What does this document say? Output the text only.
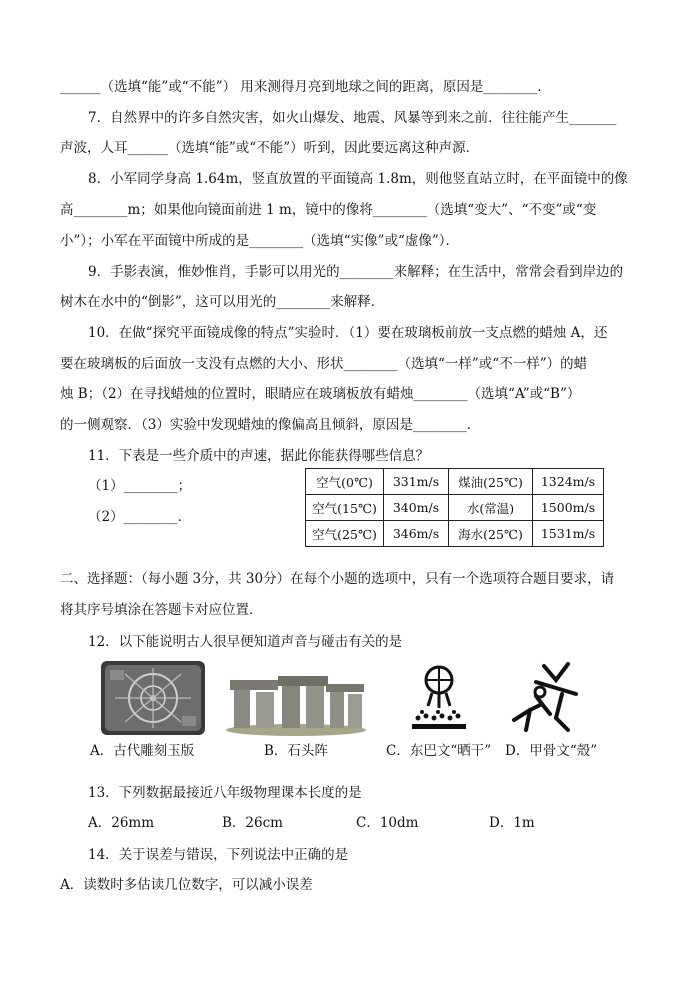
______（选填“能”或“不能”） 用来测得月亮到地球之间的距离，原因是________．
7．自然界中的许多自然灾害，如火山爆发、地震、风暴等到来之前．往往能产生_______
声波，人耳______（选填“能”或“不能”）听到，因此要远离这种声源．
8．小军同学身高 1.64m，竖直放置的平面镜高 1.8m，则他竖直站立时，在平面镜中的像
高________m；如果他向镜面前进 1 m，镜中的像将________（选填“变大”、“不变”或“变
小”）；小军在平面镜中所成的是________（选填“实像”或“虚像”）．
9．手影表演，惟妙惟肖，手影可以用光的________来解释；在生活中，常常会看到岸边的
树木在水中的“倒影”，这可以用光的________来解释．
10．在做“探究平面镜成像的特点”实验时．（1）要在玻璃板前放一支点燃的蜡烛 A，还
要在玻璃板的后面放一支没有点燃的大小、形状________（选填“一样”或“不一样”）的蜡
烛 B；（2）在寻找蜡烛的位置时，眼睛应在玻璃板放有蜡烛________（选填“A”或“B”）
的一侧观察．（3）实验中发现蜡烛的像偏高且倾斜，原因是________．
11．下表是一些介质中的声速，据此你能获得哪些信息？
（1）________；
（2）________．
空气(0℃)	331m/s	煤油(25℃)	1324m/s
空气(15℃)	340m/s	水(常温)	1500m/s
空气(25℃)	346m/s	海水(25℃)	1531m/s
二、选择题：（每小题 3分，共 30分）在每个小题的选项中，只有一个选项符合题目要求，请
将其序号填涂在答题卡对应位置．
12．以下能说明古人很早便知道声音与碰击有关的是
A．古代雕刻玉版	B．石头阵	C．东巴文“晒干” D．甲骨文“殼”
13．下列数据最接近八年级物理课本长度的是
A．26mm	B．26cm	C．10dm	D．1m
14．关于误差与错误，下列说法中正确的是
A．读数时多估读几位数字，可以减小误差
